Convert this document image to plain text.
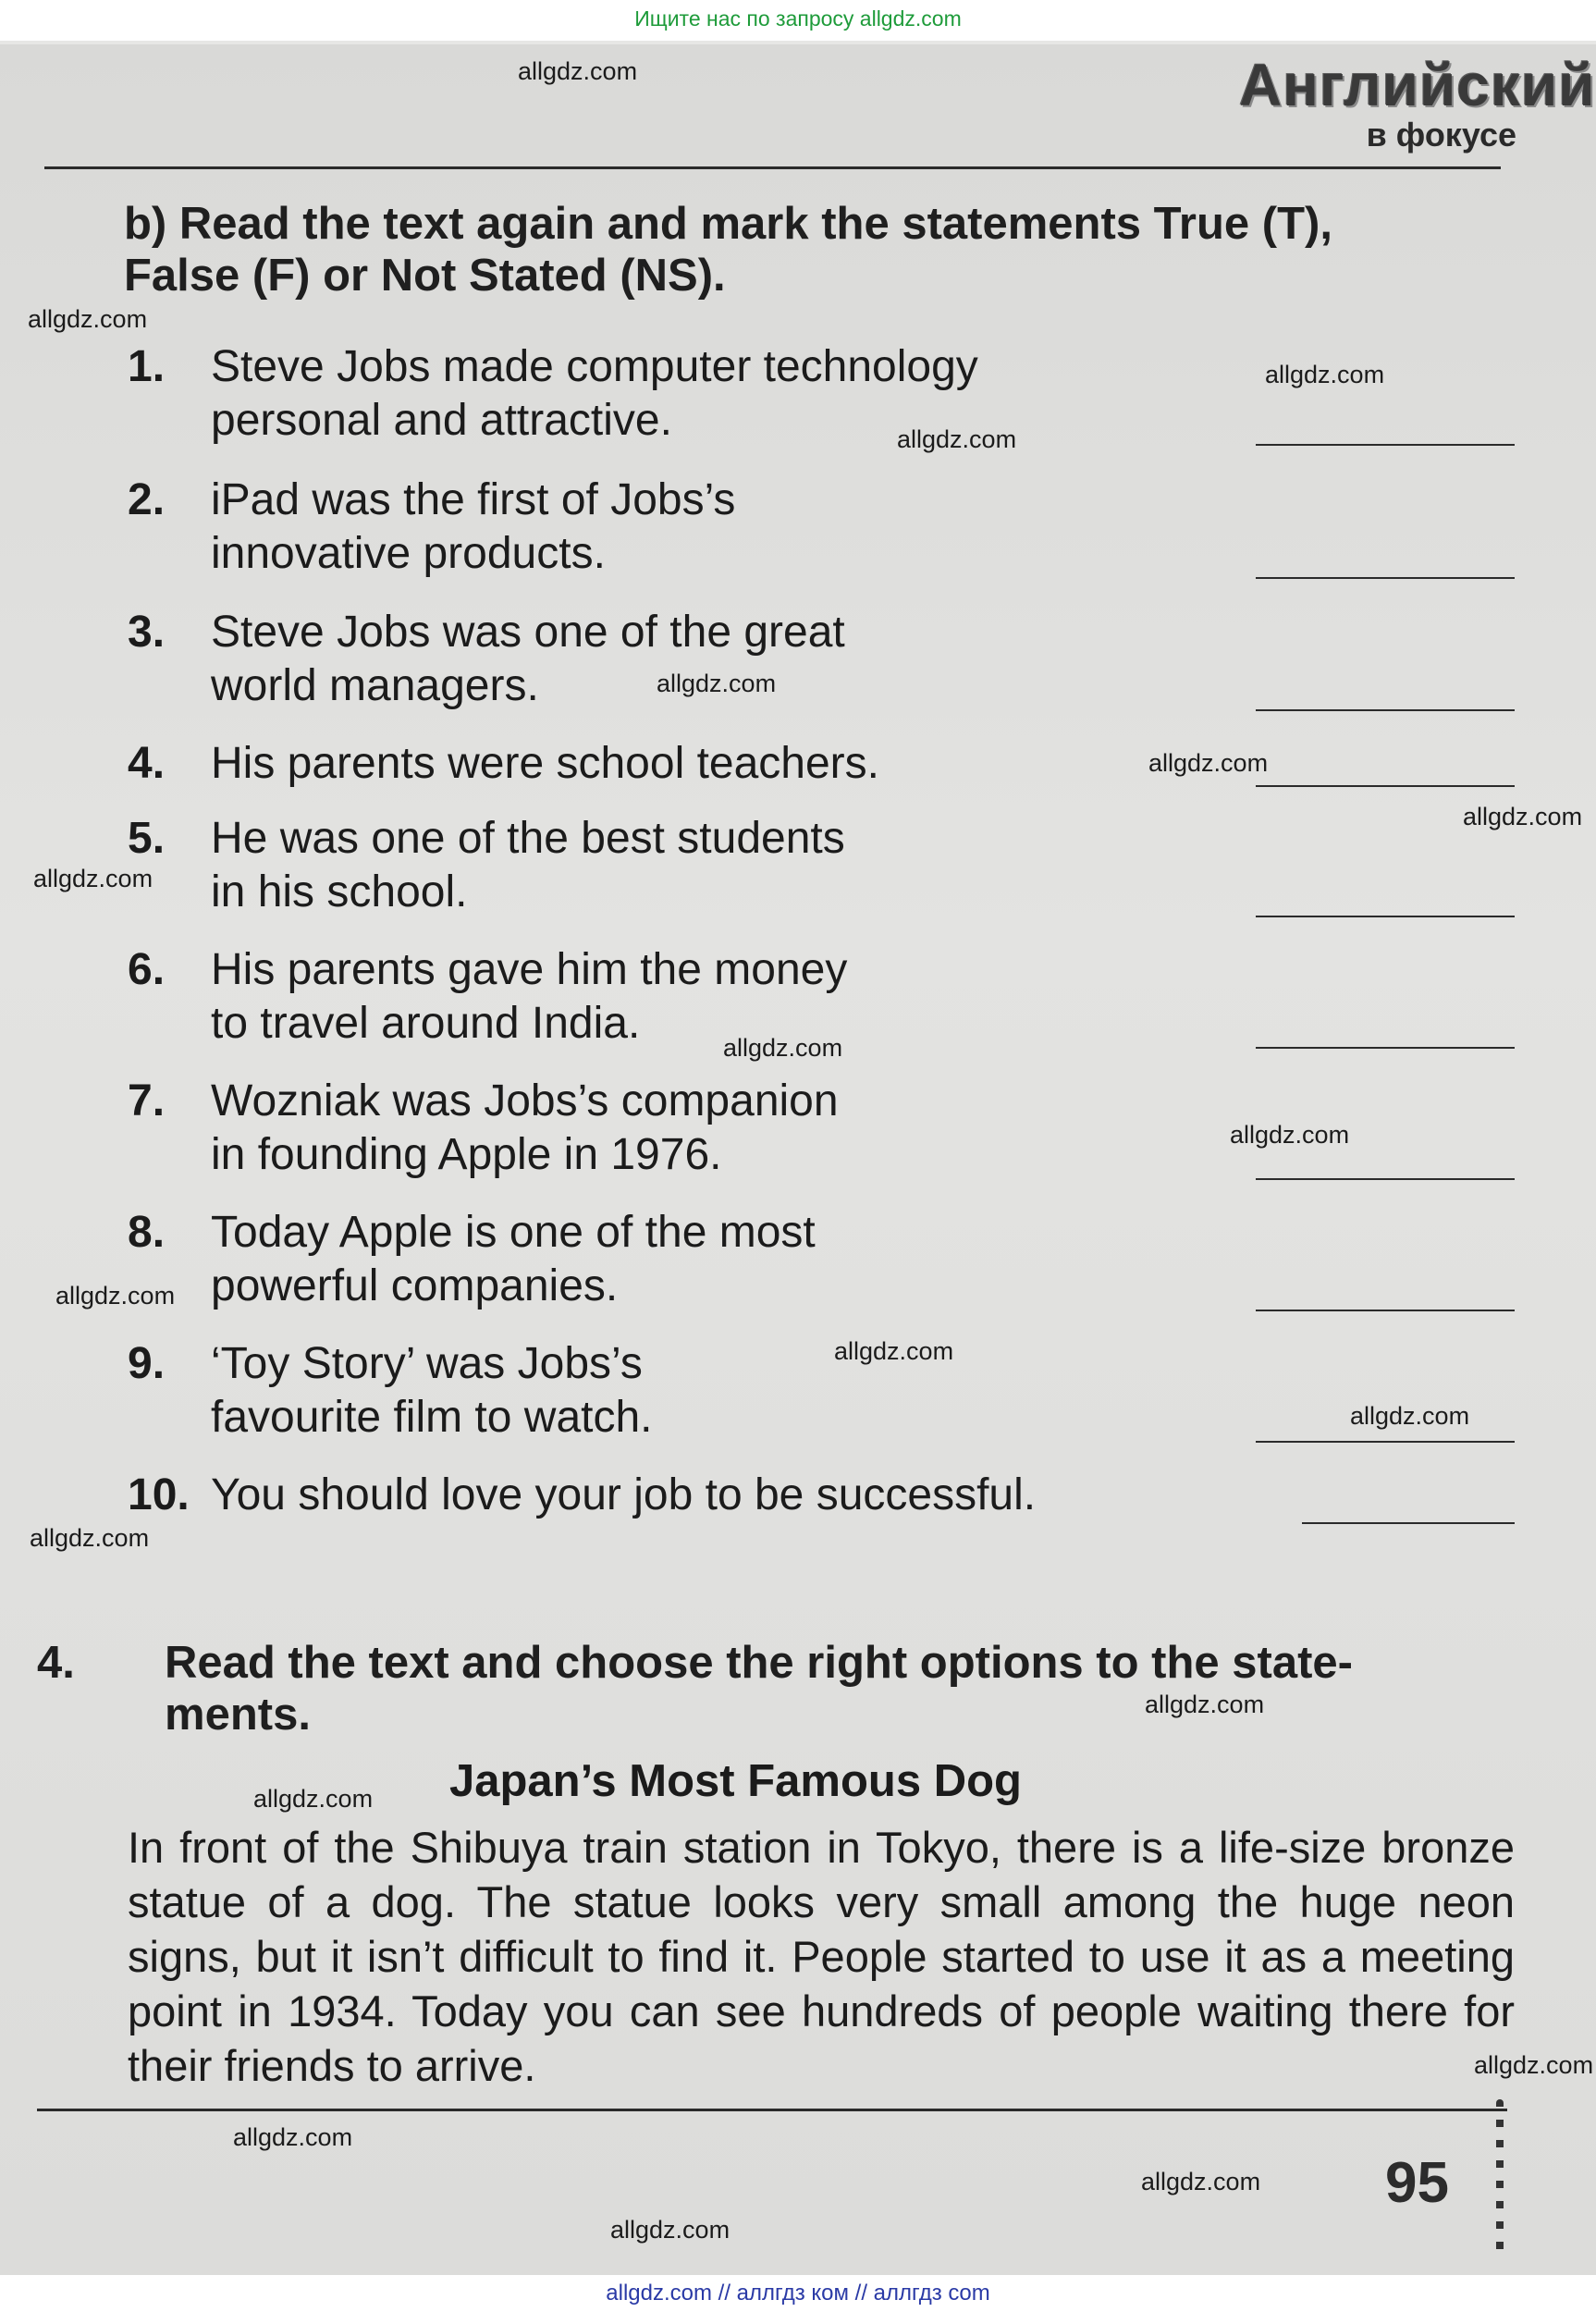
Ищите нас по запросу allgdz.com
Английский
в фокусе
b) Read the text again and mark the statements True (T),
False (F) or Not Stated (NS).
1.	Steve Jobs made computer technology
personal and attractive.
2.	iPad was the first of Jobs’s
innovative products.
3.	Steve Jobs was one of the great
world managers.
4.	His parents were school teachers.
5.	He was one of the best students
in his school.
6.	His parents gave him the money
to travel around India.
7.	Wozniak was Jobs’s companion
in founding Apple in 1976.
8.	Today Apple is one of the most
powerful companies.
9.	‘Toy Story’ was Jobs’s
favourite film to watch.
10. You should love your job to be successful.
4. Read the text and choose the right options to the state-
ments.
Japan’s Most Famous Dog
In front of the Shibuya train station in Tokyo, there is a life-size bronze statue of a dog. The statue looks very small among the huge neon signs, but it isn’t difficult to find it. People started to use it as a meeting point in 1934. Today you can see hundreds of people waiting there for their friends to arrive.
95
allgdz.com
allgdz.com
allgdz.com
allgdz.com
allgdz.com
allgdz.com
allgdz.com
allgdz.com
allgdz.com
allgdz.com
allgdz.com
allgdz.com
allgdz.com
allgdz.com
allgdz.com
allgdz.com
allgdz.com
allgdz.com
allgdz.com
allgdz.com
allgdz.com // аллгдз ком // аллгдз com
